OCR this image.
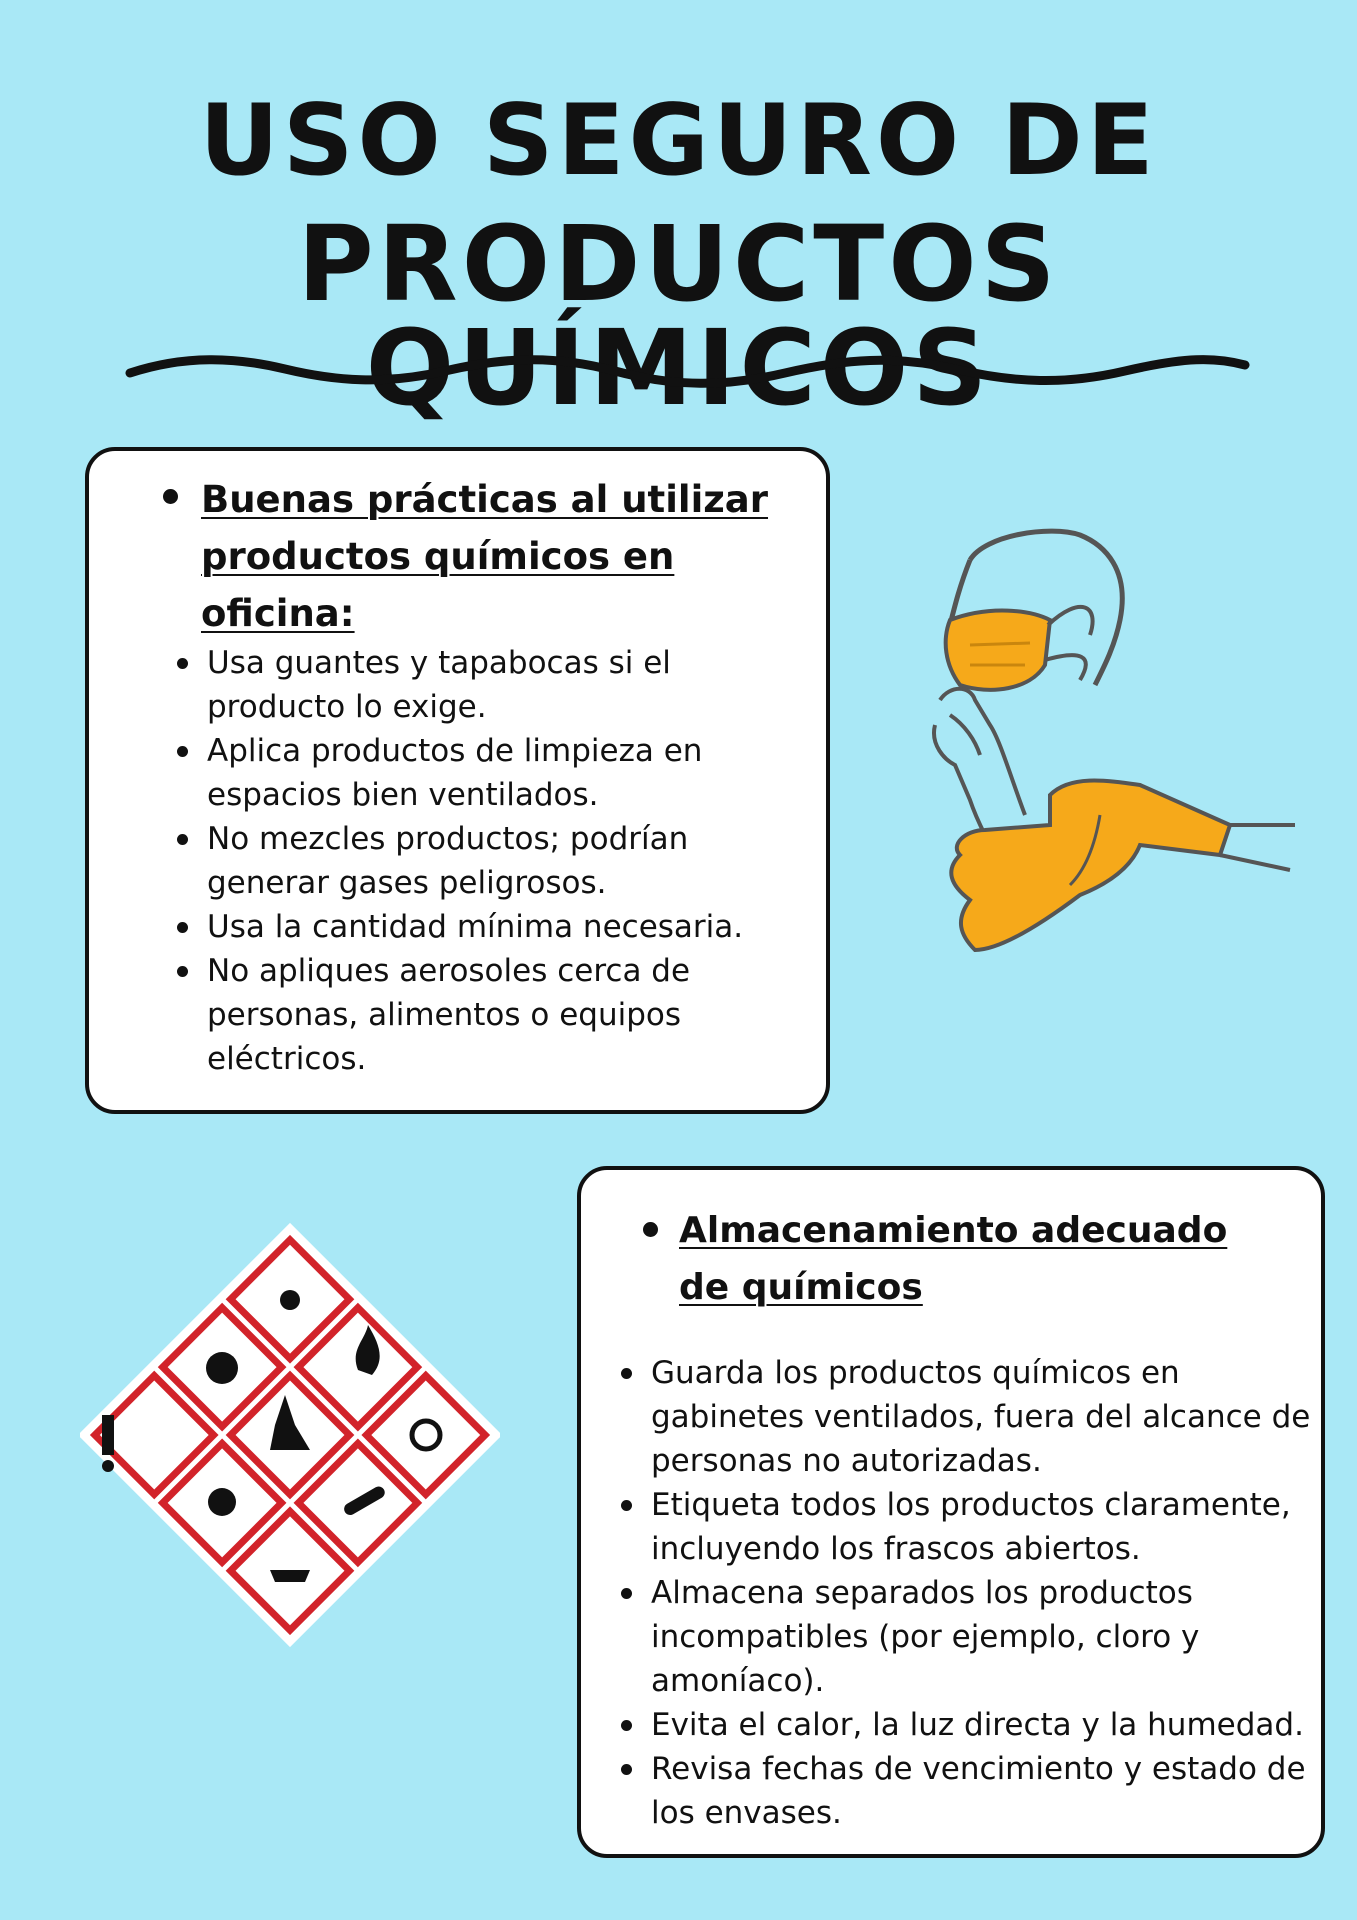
USO SEGURO DE
PRODUCTOS QUÍMICOS

Buenas prácticas al utilizar productos químicos en oficina:

Usa guantes y tapabocas si el producto lo exige.
Aplica productos de limpieza en espacios bien ventilados.
No mezcles productos; podrían generar gases peligrosos.
Usa la cantidad mínima necesaria.
No apliques aerosoles cerca de personas, alimentos o equipos eléctricos.

Almacenamiento adecuado de químicos

Guarda los productos químicos en gabinetes ventilados, fuera del alcance de personas no autorizadas.
Etiqueta todos los productos claramente, incluyendo los frascos abiertos.
Almacena separados los productos incompatibles (por ejemplo, cloro y amoníaco).
Evita el calor, la luz directa y la humedad.
Revisa fechas de vencimiento y estado de los envases.
